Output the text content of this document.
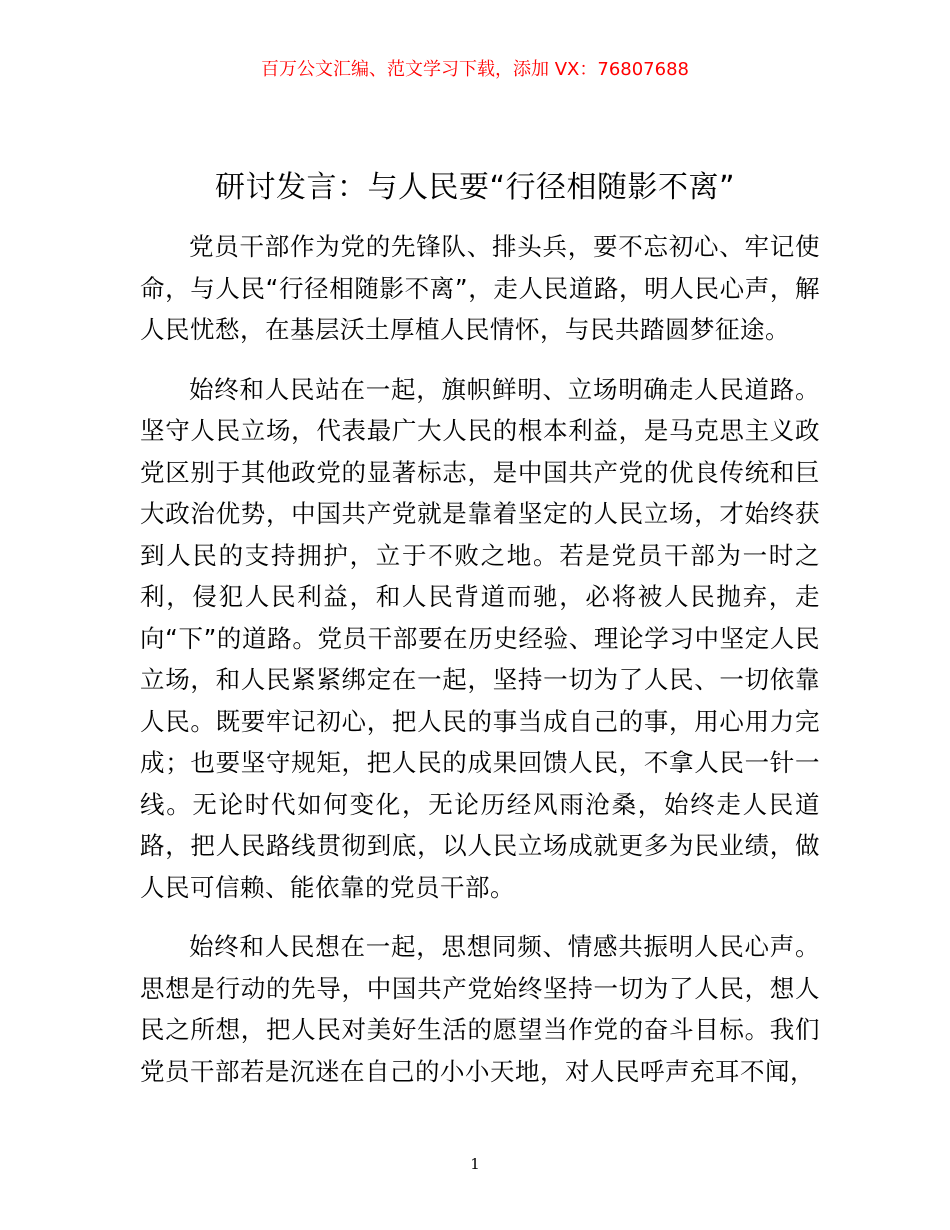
百万公文汇编、范文学习下载，添加 VX：76807688
研讨发言：与人民要“行径相随影不离”

党员干部作为党的先锋队、排头兵，要不忘初心、牢记使命，与人民“行径相随影不离”，走人民道路，明人民心声，解人民忧愁，在基层沃土厚植人民情怀，与民共踏圆梦征途。

始终和人民站在一起，旗帜鲜明、立场明确走人民道路。坚守人民立场，代表最广大人民的根本利益，是马克思主义政党区别于其他政党的显著标志，是中国共产党的优良传统和巨大政治优势，中国共产党就是靠着坚定的人民立场，才始终获到人民的支持拥护，立于不败之地。若是党员干部为一时之利，侵犯人民利益，和人民背道而驰，必将被人民抛弃，走向“下”的道路。党员干部要在历史经验、理论学习中坚定人民立场，和人民紧紧绑定在一起，坚持一切为了人民、一切依靠人民。既要牢记初心，把人民的事当成自己的事，用心用力完成；也要坚守规矩，把人民的成果回馈人民，不拿人民一针一线。无论时代如何变化，无论历经风雨沧桑，始终走人民道路，把人民路线贯彻到底，以人民立场成就更多为民业绩，做人民可信赖、能依靠的党员干部。

始终和人民想在一起，思想同频、情感共振明人民心声。思想是行动的先导，中国共产党始终坚持一切为了人民，想人民之所想，把人民对美好生活的愿望当作党的奋斗目标。我们党员干部若是沉迷在自己的小小天地，对人民呼声充耳不闻，

1
